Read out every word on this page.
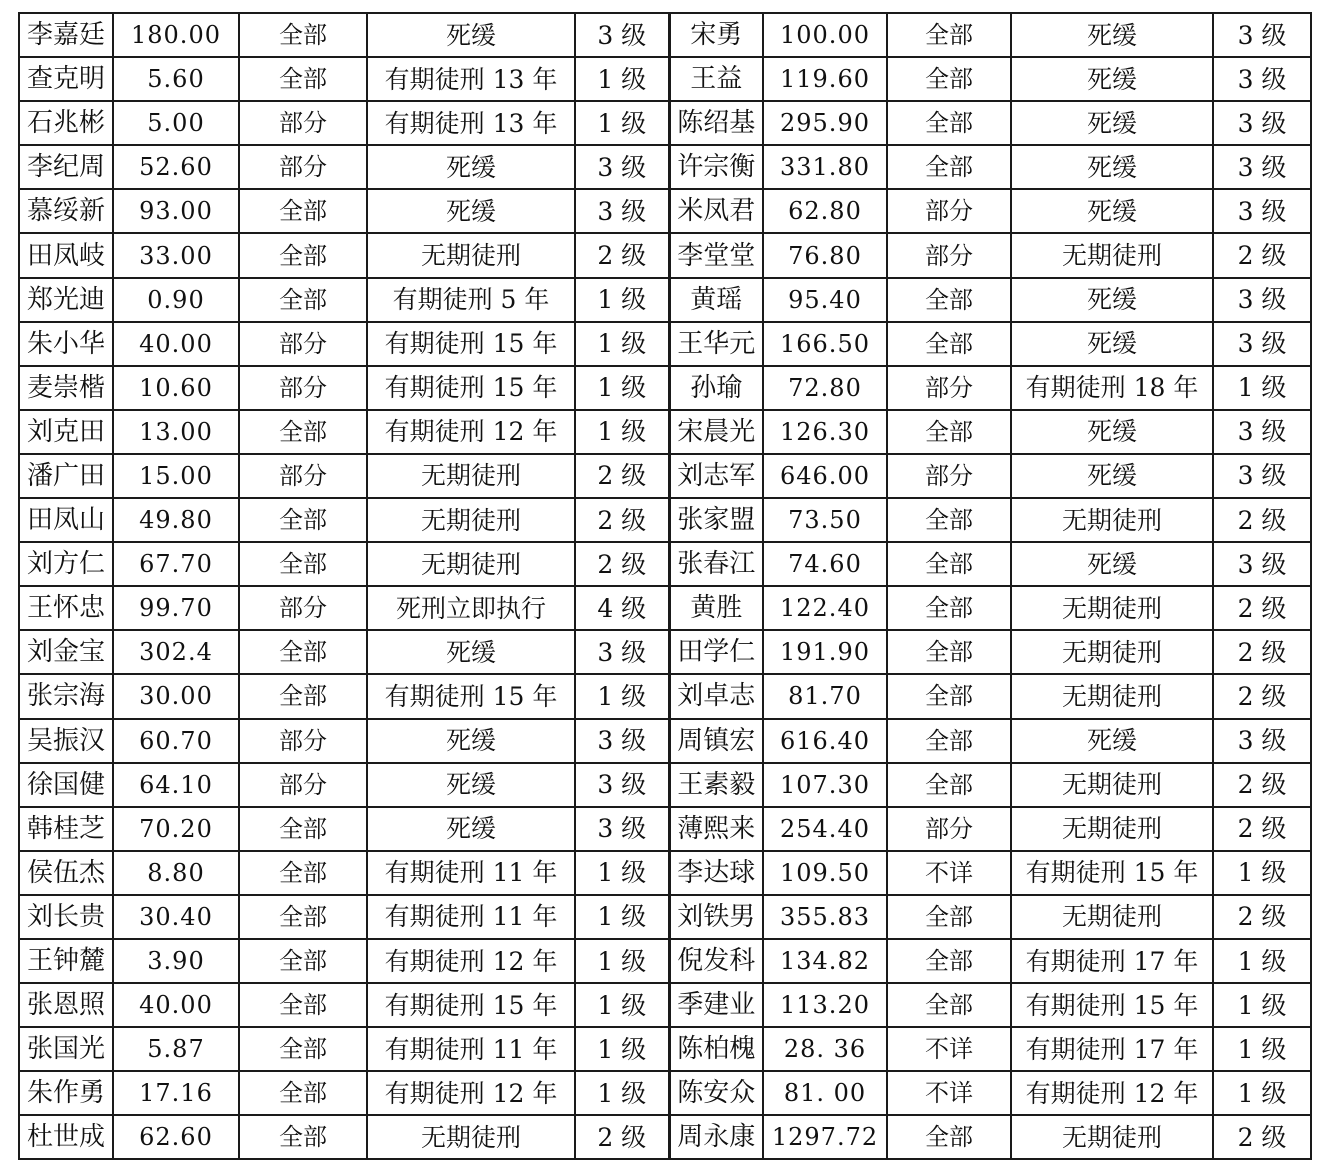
李嘉廷	180.00	全部	死缓	3 级	宋勇	100.00	全部	死缓	3 级
查克明	5.60	全部	有期徒刑 13 年	1 级	王益	119.60	全部	死缓	3 级
石兆彬	5.00	部分	有期徒刑 13 年	1 级	陈绍基	295.90	全部	死缓	3 级
李纪周	52.60	部分	死缓	3 级	许宗衡	331.80	全部	死缓	3 级
慕绥新	93.00	全部	死缓	3 级	米凤君	62.80	部分	死缓	3 级
田凤岐	33.00	全部	无期徒刑	2 级	李堂堂	76.80	部分	无期徒刑	2 级
郑光迪	0.90	全部	有期徒刑 5 年	1 级	黄瑶	95.40	全部	死缓	3 级
朱小华	40.00	部分	有期徒刑 15 年	1 级	王华元	166.50	全部	死缓	3 级
麦崇楷	10.60	部分	有期徒刑 15 年	1 级	孙瑜	72.80	部分	有期徒刑 18 年	1 级
刘克田	13.00	全部	有期徒刑 12 年	1 级	宋晨光	126.30	全部	死缓	3 级
潘广田	15.00	部分	无期徒刑	2 级	刘志军	646.00	部分	死缓	3 级
田凤山	49.80	全部	无期徒刑	2 级	张家盟	73.50	全部	无期徒刑	2 级
刘方仁	67.70	全部	无期徒刑	2 级	张春江	74.60	全部	死缓	3 级
王怀忠	99.70	部分	死刑立即执行	4 级	黄胜	122.40	全部	无期徒刑	2 级
刘金宝	302.4	全部	死缓	3 级	田学仁	191.90	全部	无期徒刑	2 级
张宗海	30.00	全部	有期徒刑 15 年	1 级	刘卓志	81.70	全部	无期徒刑	2 级
吴振汉	60.70	部分	死缓	3 级	周镇宏	616.40	全部	死缓	3 级
徐国健	64.10	部分	死缓	3 级	王素毅	107.30	全部	无期徒刑	2 级
韩桂芝	70.20	全部	死缓	3 级	薄熙来	254.40	部分	无期徒刑	2 级
侯伍杰	8.80	全部	有期徒刑 11 年	1 级	李达球	109.50	不详	有期徒刑 15 年	1 级
刘长贵	30.40	全部	有期徒刑 11 年	1 级	刘铁男	355.83	全部	无期徒刑	2 级
王钟麓	3.90	全部	有期徒刑 12 年	1 级	倪发科	134.82	全部	有期徒刑 17 年	1 级
张恩照	40.00	全部	有期徒刑 15 年	1 级	季建业	113.20	全部	有期徒刑 15 年	1 级
张国光	5.87	全部	有期徒刑 11 年	1 级	陈柏槐	28. 36	不详	有期徒刑 17 年	1 级
朱作勇	17.16	全部	有期徒刑 12 年	1 级	陈安众	81. 00	不详	有期徒刑 12 年	1 级
杜世成	62.60	全部	无期徒刑	2 级	周永康	1297.72	全部	无期徒刑	2 级
